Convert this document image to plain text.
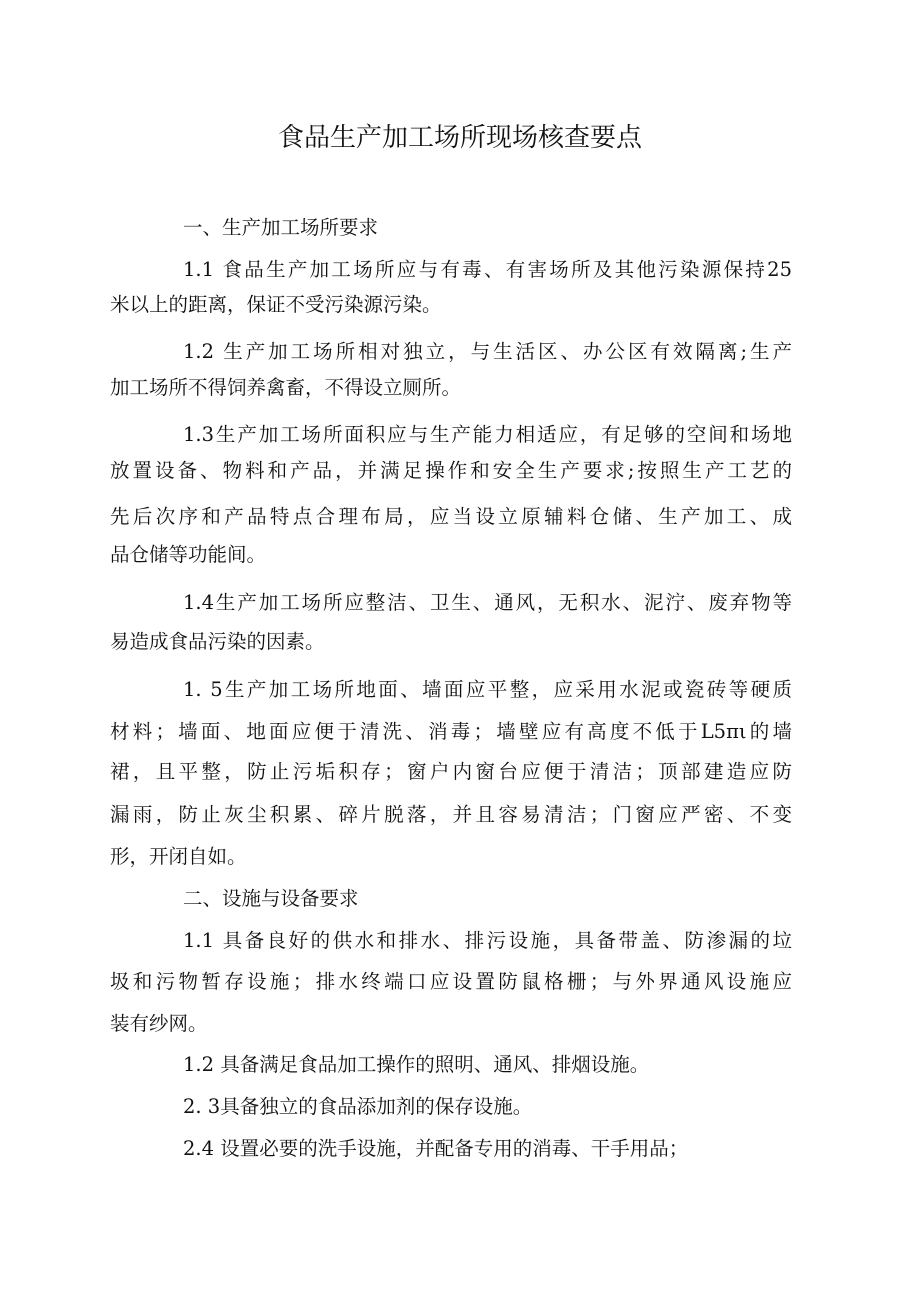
食品生产加工场所现场核查要点
一、生产加工场所要求
1.1 食品生产加工场所应与有毒、有害场所及其他污染源保持25
米以上的距离，保证不受污染源污染。
1.2 生产加工场所相对独立，与生活区、办公区有效隔离;生产
加工场所不得饲养禽畜，不得设立厕所。
1.3生产加工场所面积应与生产能力相适应，有足够的空间和场地
放置设备、物料和产品，并满足操作和安全生产要求;按照生产工艺的
先后次序和产品特点合理布局，应当设立原辅料仓储、生产加工、成
品仓储等功能间。
1.4生产加工场所应整洁、卫生、通风，无积水、泥泞、废弃物等
易造成食品污染的因素。
1. 5生产加工场所地面、墙面应平整，应采用水泥或瓷砖等硬质
材料；墙面、地面应便于清洗、消毒；墙壁应有高度不低于L5πι的墙
裙，且平整，防止污垢积存；窗户内窗台应便于清洁；顶部建造应防
漏雨，防止灰尘积累、碎片脱落，并且容易清洁；门窗应严密、不变
形，开闭自如。
二、设施与设备要求
1.1 具备良好的供水和排水、排污设施，具备带盖、防渗漏的垃
圾和污物暂存设施；排水终端口应设置防鼠格栅；与外界通风设施应
装有纱网。
1.2 具备满足食品加工操作的照明、通风、排烟设施。
2. 3具备独立的食品添加剂的保存设施。
2.4 设置必要的洗手设施，并配备专用的消毒、干手用品；
